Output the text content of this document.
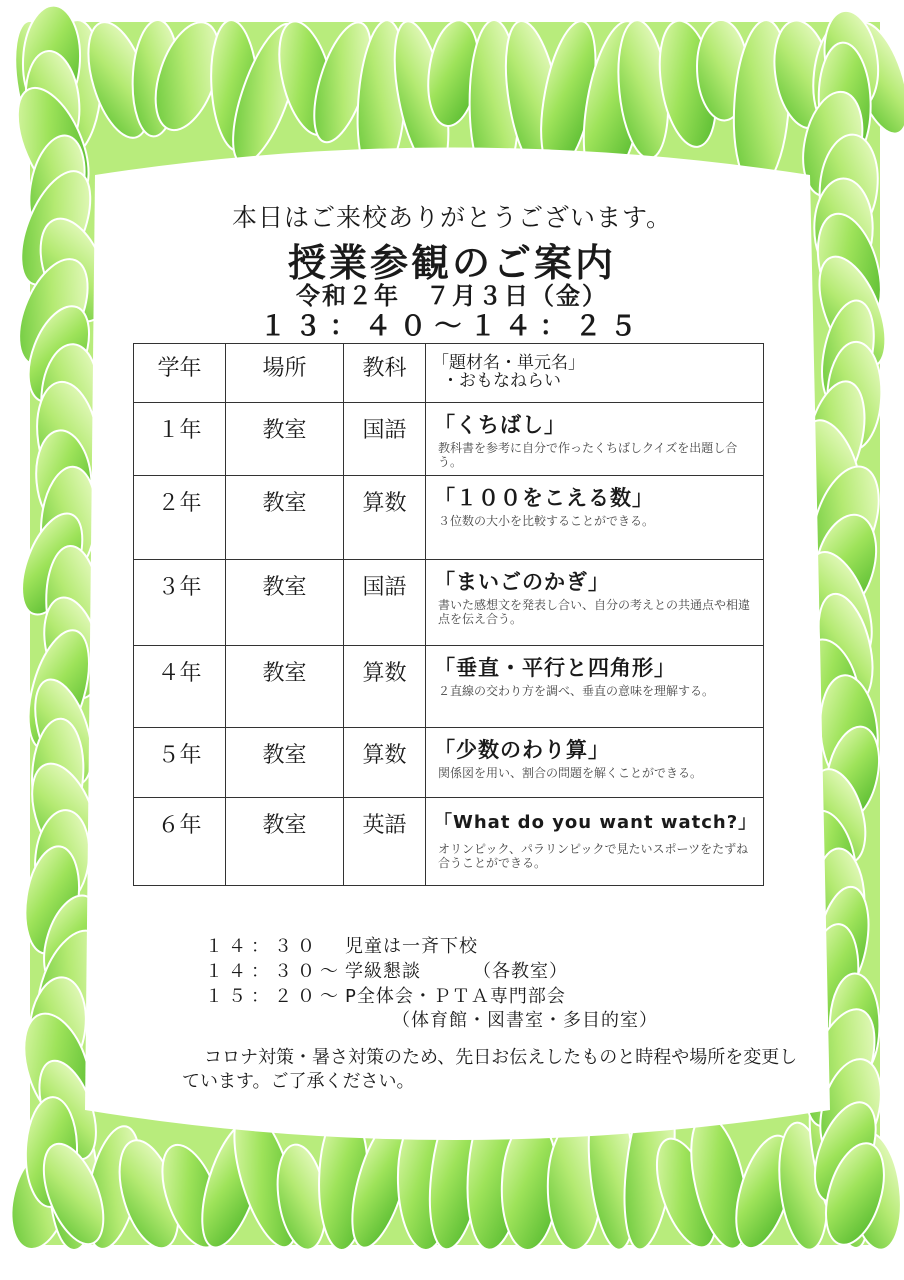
本日はご来校ありがとうございます。
授業参観のご案内
令和２年　７月３日（金）
１３：４０～１４：２５
学年	場所	教科	「題材名・単元名」
・おもなねらい
１年	教室	国語	「くちばし」
教科書を参考に自分で作ったくちばしクイズを出題し合う。

２年	教室	算数	「１００をこえる数」
３位数の大小を比較することができる。

３年	教室	国語	「まいごのかぎ」
書いた感想文を発表し合い、自分の考えとの共通点や相違点を伝え合う。

４年	教室	算数	「垂直・平行と四角形」
２直線の交わり方を調べ、垂直の意味を理解する。

５年	教室	算数	「少数のわり算」
関係図を用い、割合の問題を解くことができる。

６年	教室	英語	「What do you want watch?」
オリンピック、パラリンピックで見たいスポーツをたずね合うことができる。
１４：３０ 児童は一斉下校
１４：３０～ 学級懇談	（各教室）
１５：２０～ P全体会・ＰＴＡ専門部会
（体育館・図書室・多目的室）
コロナ対策・暑さ対策のため、先日お伝えしたものと時程や場所を変更しています。ご了承ください。
